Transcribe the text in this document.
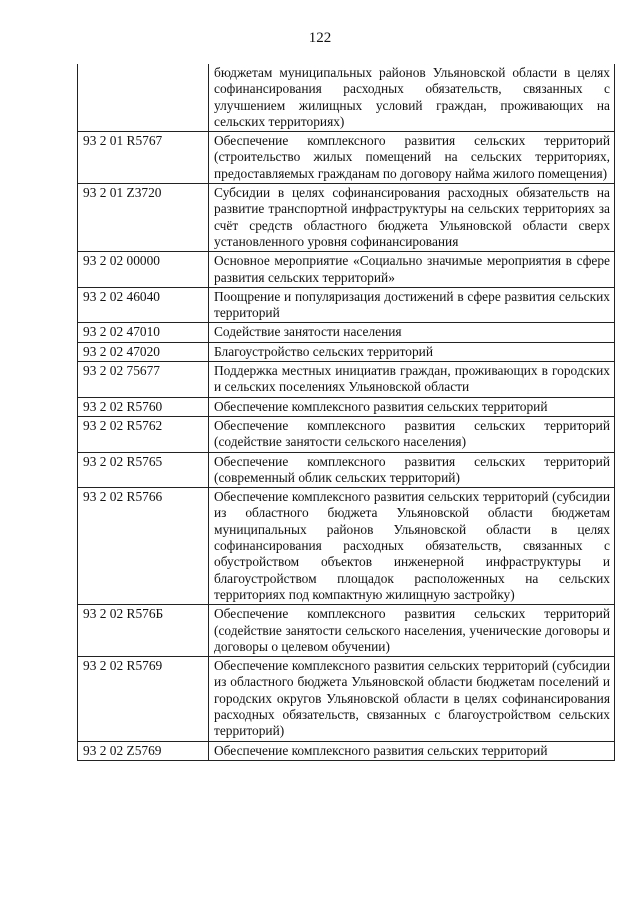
122
	бюджетам муниципальных районов Ульяновской области в целях софинансирования расходных обязательств, связанных с улучшением жилищных условий граждан, проживающих на сельских территориях)
93 2 01 R5767	Обеспечение комплексного развития сельских территорий (строительство жилых помещений на сельских территориях, предоставляемых гражданам по договору найма жилого помещения)
93 2 01 Z3720	Субсидии в целях софинансирования расходных обязательств на развитие транспортной инфраструктуры на сельских территориях за счёт средств областного бюджета Ульяновской области сверх установленного уровня софинансирования
93 2 02 00000	Основное мероприятие «Социально значимые мероприятия в сфере развития сельских территорий»
93 2 02 46040	Поощрение и популяризация достижений в сфере развития сельских территорий
93 2 02 47010	Содействие занятости населения
93 2 02 47020	Благоустройство сельских территорий
93 2 02 75677	Поддержка местных инициатив граждан, проживающих в городских и сельских поселениях Ульяновской области
93 2 02 R5760	Обеспечение комплексного развития сельских территорий
93 2 02 R5762	Обеспечение комплексного развития сельских территорий (содействие занятости сельского населения)
93 2 02 R5765	Обеспечение комплексного развития сельских территорий (современный облик сельских территорий)
93 2 02 R5766	Обеспечение комплексного развития сельских территорий (субсидии из областного бюджета Ульяновской области бюджетам муниципальных районов Ульяновской области в целях софинансирования расходных обязательств, связанных с обустройством объектов инженерной инфраструктуры и благоустройством площадок расположенных на сельских территориях под компактную жилищную застройку)
93 2 02 R576Б	Обеспечение комплексного развития сельских территорий (содействие занятости сельского населения, ученические договоры и договоры о целевом обучении)
93 2 02 R5769	Обеспечение комплексного развития сельских территорий (субсидии из областного бюджета Ульяновской области бюджетам поселений и городских округов Ульяновской области в целях софинансирования расходных обязательств, связанных с благоустройством сельских территорий)
93 2 02 Z5769	Обеспечение комплексного развития сельских территорий
